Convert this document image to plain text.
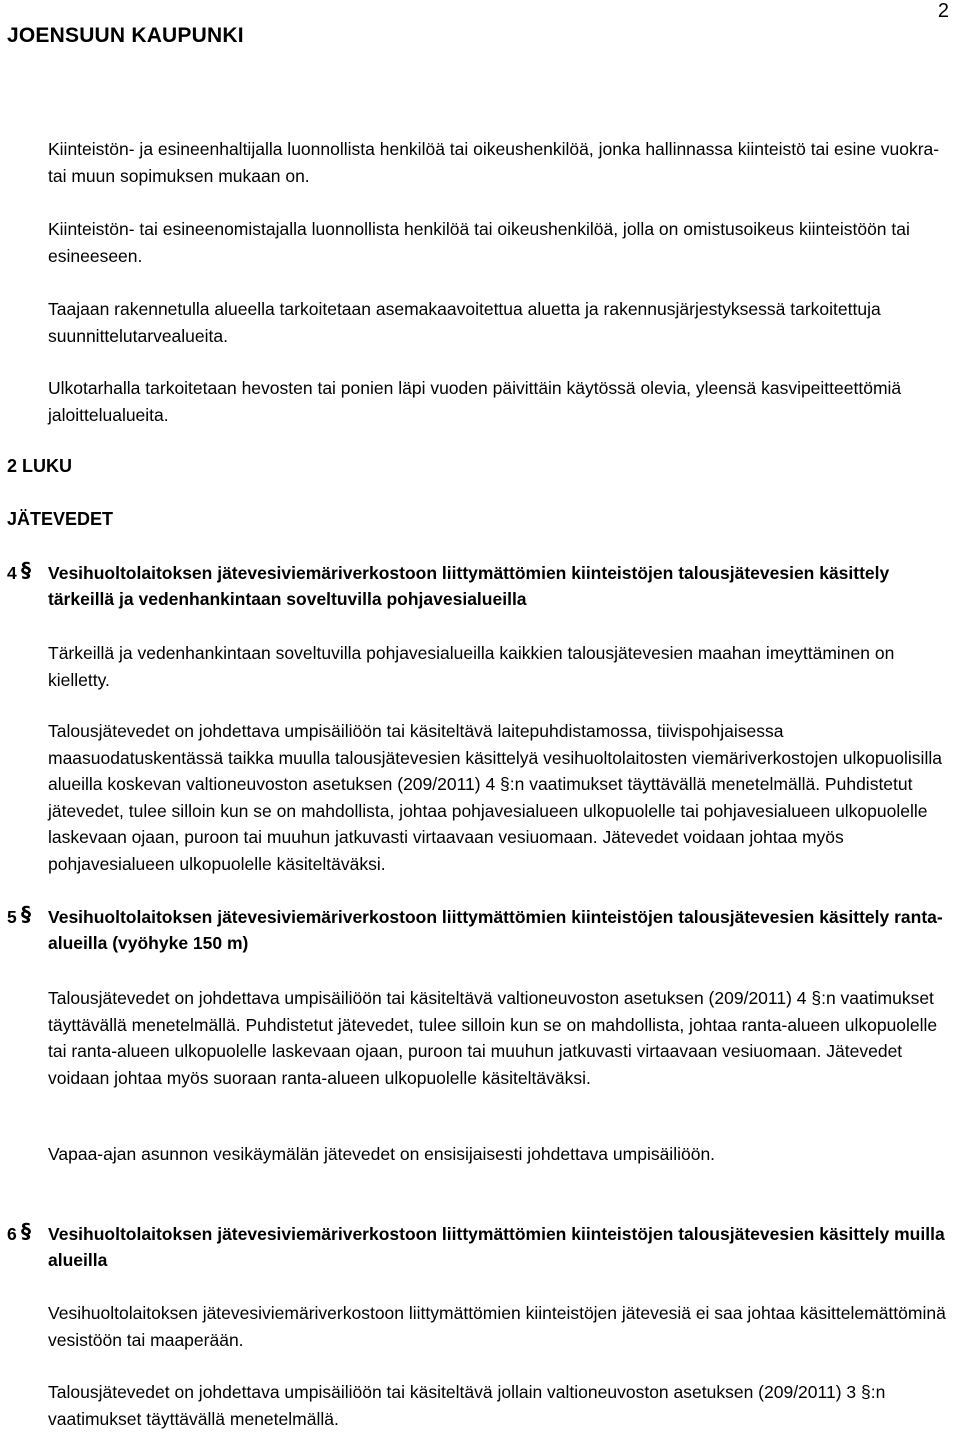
JOENSUUN KAUPUNKI
2
Kiinteistön- ja esineenhaltijalla luonnollista henkilöä tai oikeushenkilöä, jonka hallinnassa kiinteistö tai esine vuokra- tai muun sopimuksen mukaan on.
Kiinteistön- tai esineenomistajalla luonnollista henkilöä tai oikeushenkilöä, jolla on omistusoikeus kiinteistöön tai esineeseen.
Taajaan rakennetulla alueella tarkoitetaan asemakaavoitettua aluetta ja rakennusjärjestyksessä tarkoitettuja suunnittelutarvealueita.
Ulkotarhalla tarkoitetaan hevosten tai ponien läpi vuoden päivittäin käytössä olevia, yleensä kasvipeitteettömiä jaloittelualueita.
2 LUKU
JÄTEVEDET
4 § Vesihuoltolaitoksen jätevesiviemäriverkostoon liittymättömien kiinteistöjen talousjätevesien käsittely tärkeillä ja vedenhankintaan soveltuvilla pohjavesialueilla
Tärkeillä ja vedenhankintaan soveltuvilla pohjavesialueilla kaikkien talousjätevesien maahan imeyttäminen on kielletty.
Talousjätevedet on johdettava umpisäiliöön tai käsiteltävä laitepuhdistamossa, tiivispohjaisessa maasuodatuskentässä taikka muulla talousjätevesien käsittelyä vesihuoltolaitosten viemäriverkostojen ulkopuolisilla alueilla koskevan valtioneuvoston asetuksen (209/2011) 4 §:n vaatimukset täyttävällä menetelmällä. Puhdistetut jätevedet, tulee silloin kun se on mahdollista, johtaa pohjavesialueen ulkopuolelle tai pohjavesialueen ulkopuolelle laskevaan ojaan, puroon tai muuhun jatkuvasti virtaavaan vesiuomaan. Jätevedet voidaan johtaa myös pohjavesialueen ulkopuolelle käsiteltäväksi.
5 § Vesihuoltolaitoksen jätevesiviemäriverkostoon liittymättömien kiinteistöjen talousjätevesien käsittely ranta-alueilla (vyöhyke 150 m)
Talousjätevedet on johdettava umpisäiliöön tai käsiteltävä valtioneuvoston asetuksen (209/2011) 4 §:n vaatimukset täyttävällä menetelmällä. Puhdistetut jätevedet, tulee silloin kun se on mahdollista, johtaa ranta-alueen ulkopuolelle tai ranta-alueen ulkopuolelle laskevaan ojaan, puroon tai muuhun jatkuvasti virtaavaan vesiuomaan. Jätevedet voidaan johtaa myös suoraan ranta-alueen ulkopuolelle käsiteltäväksi.
Vapaa-ajan asunnon vesikäymälän jätevedet on ensisijaisesti johdettava umpisäiliöön.
6 § Vesihuoltolaitoksen jätevesiviemäriverkostoon liittymättömien kiinteistöjen talousjätevesien käsittely muilla alueilla
Vesihuoltolaitoksen jätevesiviemäriverkostoon liittymättömien kiinteistöjen jätevesiä ei saa johtaa käsittelemättöminä vesistöön tai maaperään.
Talousjätevedet on johdettava umpisäiliöön tai käsiteltävä jollain valtioneuvoston asetuksen (209/2011) 3 §:n vaatimukset täyttävällä menetelmällä.
